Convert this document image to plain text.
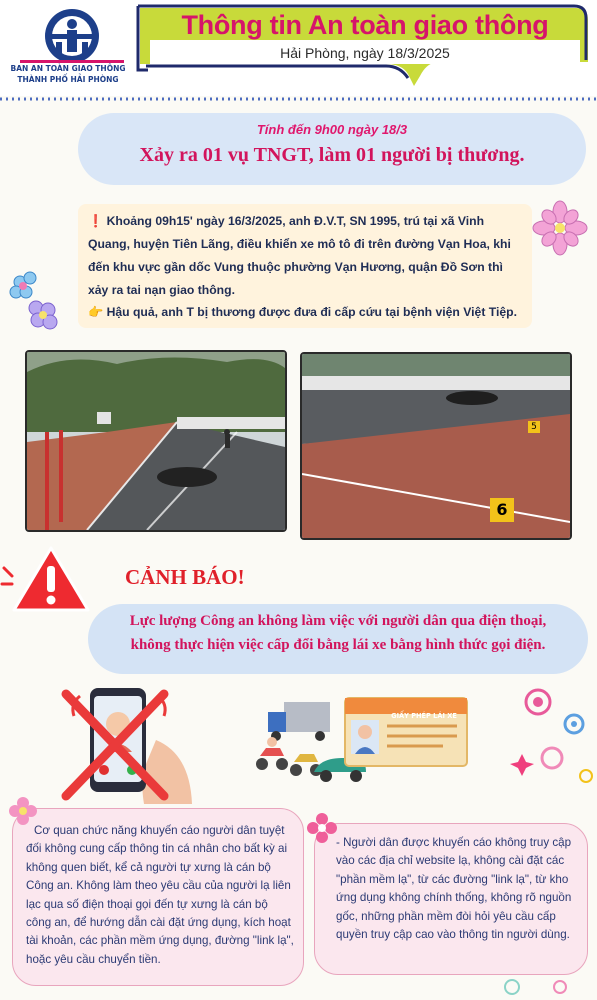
BAN AN TOÀN GIAO THÔNG
THÀNH PHỐ HẢI PHÒNG
Thông tin An toàn giao thông
Hải Phòng, ngày 18/3/2025
Tính đến 9h00 ngày 18/3
Xảy ra 01 vụ TNGT, làm 01 người bị thương.
❗ Khoảng 09h15' ngày 16/3/2025, anh Đ.V.T, SN 1995, trú tại xã Vinh Quang, huyện Tiên Lãng, điều khiển xe mô tô đi trên đường Vạn Hoa, khi đến khu vực gần dốc Vung thuộc phường Vạn Hương, quận Đồ Sơn thì xảy ra tai nạn giao thông.
👉 Hậu quả, anh T bị thương được đưa đi cấp cứu tại bệnh viện Việt Tiệp.
5
6
CẢNH BÁO!
Lực lượng Công an không làm việc với người dân qua điện thoại,
không thực hiện việc cấp đổi bằng lái xe bằng hình thức gọi điện.
GIẤY PHÉP LÁI XE
Cơ quan chức năng khuyến cáo người dân tuyệt đối không cung cấp thông tin cá nhân cho bất kỳ ai không quen biết, kể cả người tự xưng là cán bộ Công an. Không làm theo yêu cầu của người lạ liên lạc qua số điện thoại gọi đến tự xưng là cán bộ công an, để hướng dẫn cài đặt ứng dụng, kích hoạt tài khoản, các phần mềm ứng dụng, đường "link lạ", hoặc yêu cầu chuyển tiền.
- Người dân được khuyến cáo không truy cập vào các địa chỉ website lạ, không cài đặt các "phần mềm lạ", từ các đường "link lạ", từ kho ứng dụng không chính thống, không rõ nguồn gốc, những phần mềm đòi hỏi yêu cầu cấp quyền truy cập cao vào thông tin người dùng.
